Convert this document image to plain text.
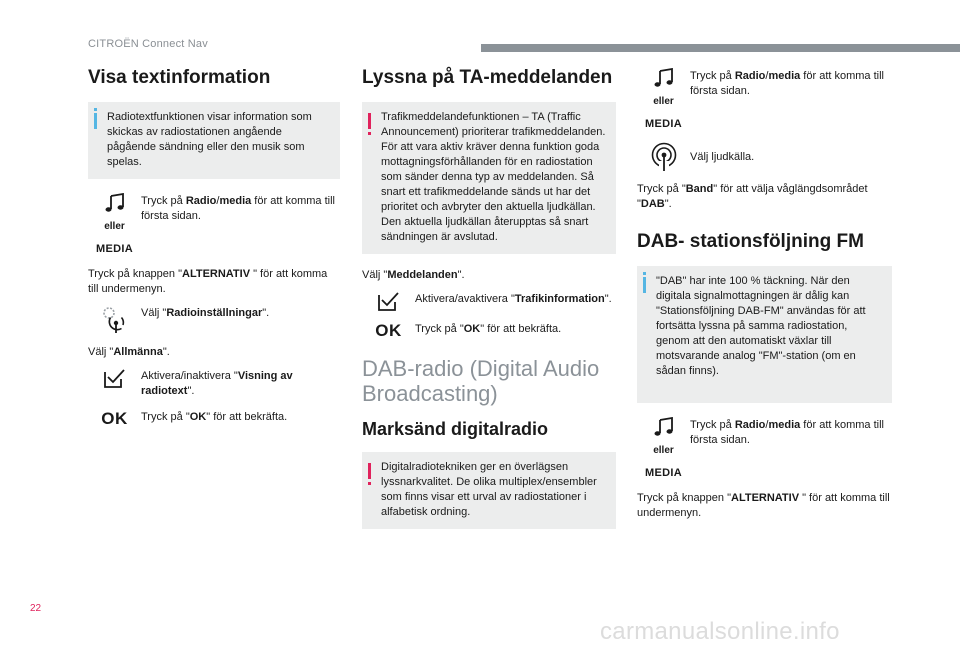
CITROËN Connect Nav
Visa textinformation

Radiotextfunktionen visar information som skickas av radiostationen angående pågående sändning eller den musik som spelas.

eller
MEDIA
Tryck på Radio/media för att komma till första sidan.

Tryck på knappen "ALTERNATIV " för att komma till undermenyn.

Välj "Radioinställningar".

Välj "Allmänna".

Aktivera/inaktivera "Visning av radiotext".
OK Tryck på "OK" för att bekräfta.
Lyssna på TA-meddelanden

Trafikmeddelandefunktionen – TA (Traffic Announcement) prioriterar trafikmeddelanden. För att vara aktiv kräver denna funktion goda mottagningsförhållanden för en radiostation som sänder denna typ av meddelanden. Så snart ett trafikmeddelande sänds ut har det prioritet och avbryter den aktuella ljudkällan. Den aktuella ljudkällan återupptas så snart sändningen är avslutad.

Välj "Meddelanden".

Aktivera/avaktivera "Trafikinformation".
OK Tryck på "OK" för att bekräfta.
DAB-radio (Digital Audio Broadcasting)
Marksänd digitalradio

Digitalradiotekniken ger en överlägsen lyssnarkvalitet. De olika multiplex/ensembler som finns visar ett urval av radiostationer i alfabetisk ordning.

eller
MEDIA
Tryck på Radio/media för att komma till första sidan.
Välj ljudkälla.

Tryck på "Band" för att välja våglängdsområdet "DAB".

DAB- stationsföljning FM

"DAB" har inte 100 % täckning. När den digitala signalmottagningen är dålig kan "Stationsföljning DAB-FM" användas för att fortsätta lyssna på samma radiostation, genom att den automatiskt växlar till motsvarande analog "FM"-station (om en sådan finns).

eller
MEDIA
Tryck på Radio/media för att komma till första sidan.

Tryck på knappen "ALTERNATIV " för att komma till undermenyn.

22
carmanualsonline.info
